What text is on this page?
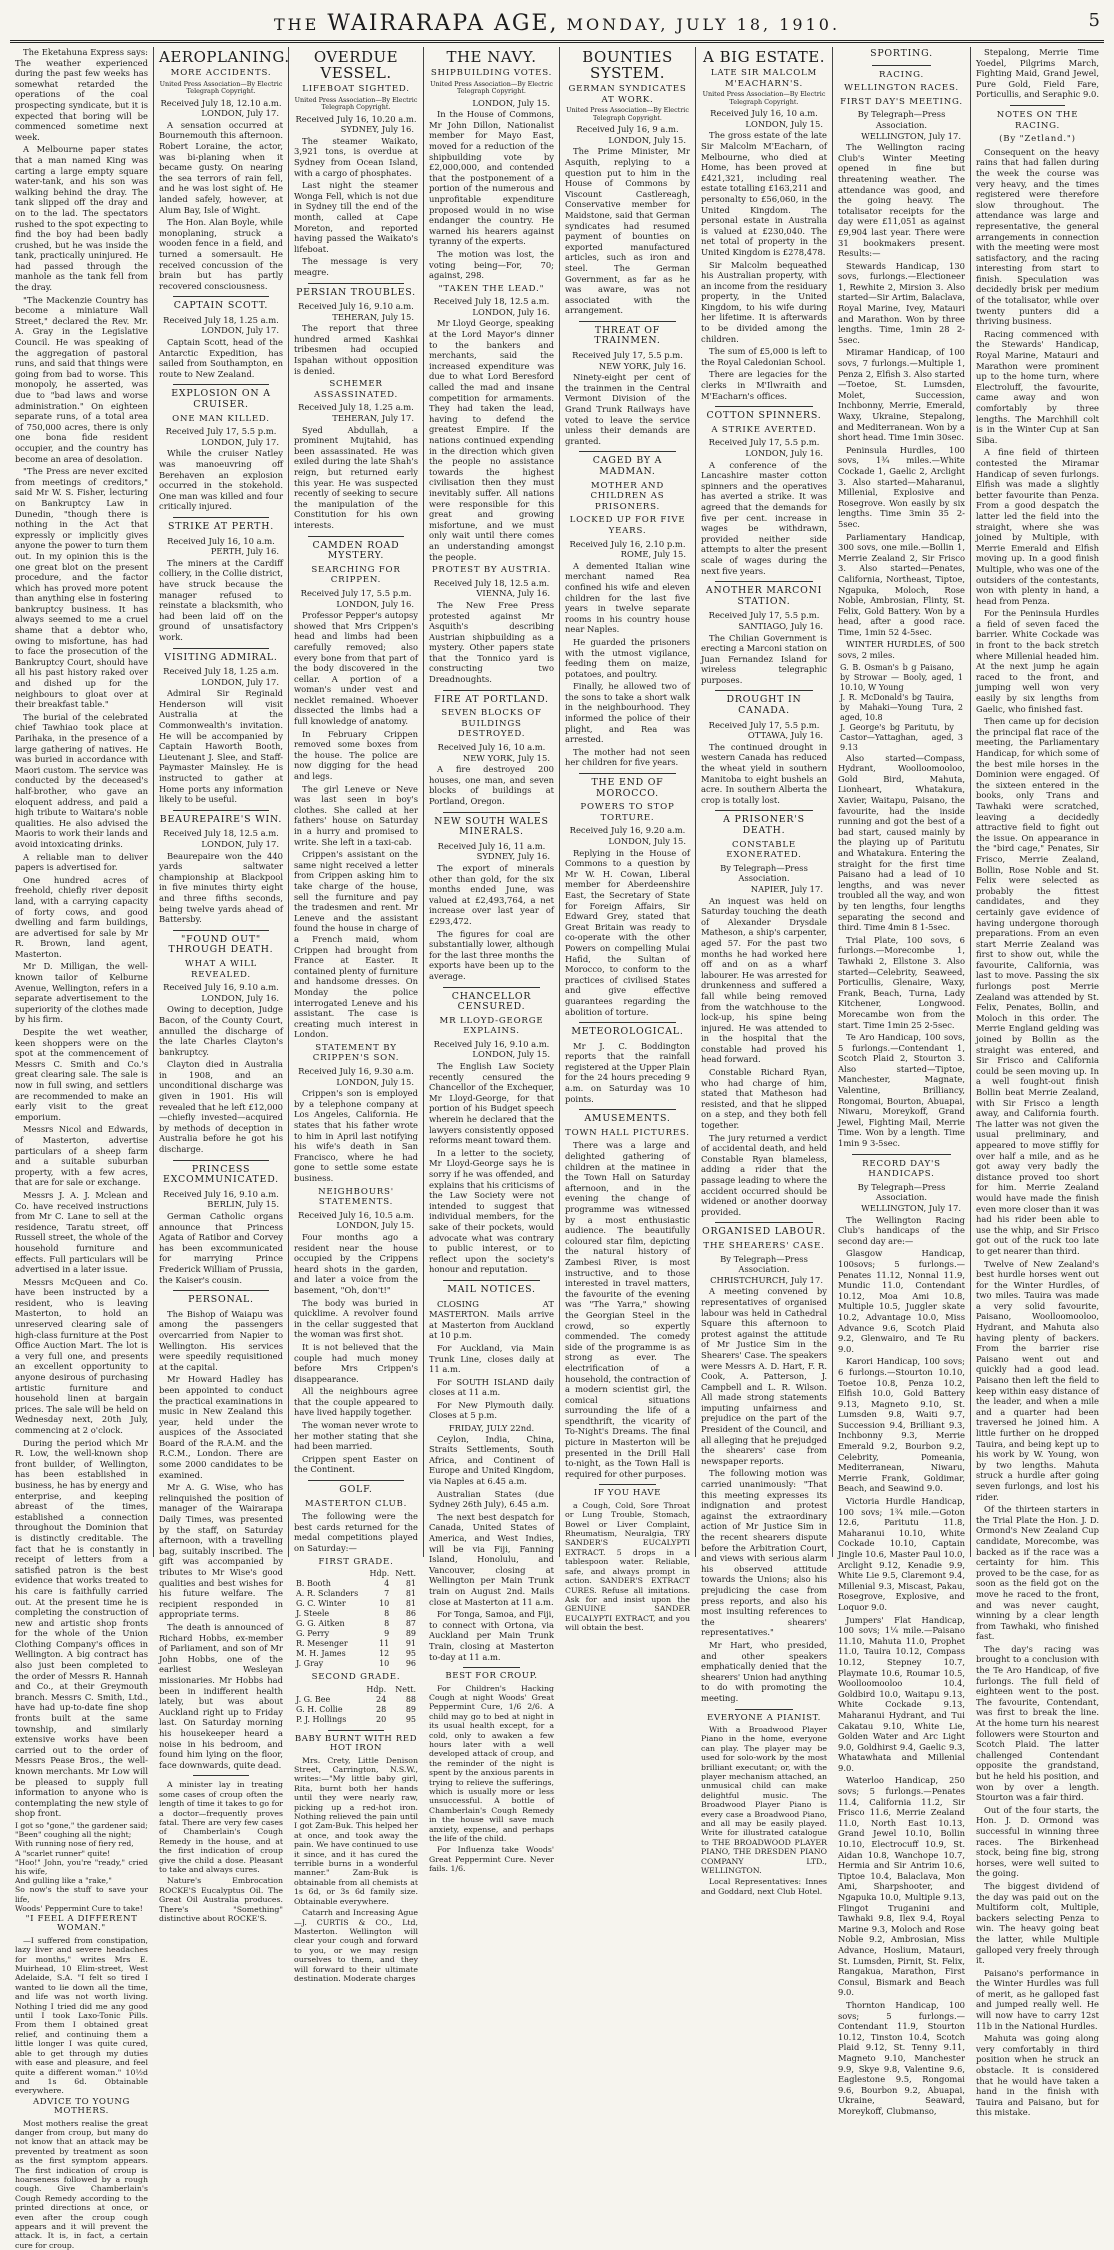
THE WAIRARAPA AGE, MONDAY, JULY 18, 1910.	5

The Eketahuna Express says: The weather experienced during the past few weeks has somewhat retarded the operations of the coal prospecting syndicate, but it is expected that boring will be commenced sometime next week.

A Melbourne paper states that a man named King was carting a large empty square water-tank, and his son was walking behind the dray. The tank slipped off the dray and on to the lad. The spectators rushed to the spot expecting to find the boy had been badly crushed, but he was inside the tank, practically uninjured. He had passed through the manhole as the tank fell from the dray.

"The Mackenzie Country has become a miniature Wall Street," declared the Rev. Mr. A. Gray in the Legislative Council. He was speaking of the aggregation of pastoral runs, and said that things were going from bad to worse. This monopoly, he asserted, was due to "bad laws and worse administration." On eighteen separate runs, of a total area of 750,000 acres, there is only one bona fide resident occupier, and the country has become an area of desolation.

"The Press are never excited from meetings of creditors," said Mr W. S. Fisher, lecturing on Bankruptcy Law in Dunedin, "though there is nothing in the Act that expressly or implicitly gives anyone the power to turn them out. In my opinion this is the one great blot on the present procedure, and the factor which has proved more potent than anything else in fostering bankruptcy business. It has always seemed to me a cruel shame that a debtor who, owing to misfortune, has had to face the prosecution of the Bankruptcy Court, should have all his past history raked over and dished up for the neighbours to gloat over at their breakfast table."

The burial of the celebrated chief Tawhiao took place at Parihaka, in the presence of a large gathering of natives. He was buried in accordance with Maori custom. The service was conducted by the deceased's half-brother, who gave an eloquent address, and paid a high tribute to Waitara's noble qualities. He also advised the Maoris to work their lands and avoid intoxicating drinks.

A reliable man to deliver papers is advertised for.

One hundred acres of freehold, chiefly river deposit land, with a carrying capacity of forty cows, and good dwelling and farm buildings, are advertised for sale by Mr R. Brown, land agent, Masterton.

Mr D. Milligan, the well-known tailor of Kelburne Avenue, Wellington, refers in a separate advertisement to the superiority of the clothes made by his firm.

Despite the wet weather, keen shoppers were on the spot at the commencement of Messrs C. Smith and Co.'s great clearing sale. The sale is now in full swing, and settlers are recommended to make an early visit to the great emporium.

Messrs Nicol and Edwards, of Masterton, advertise particulars of a sheep farm and a suitable suburban property, with a few acres, that are for sale or exchange.

Messrs J. A. J. Mclean and Co. have received instructions from Mr C. Lane to sell at the residence, Taratu street, off Russell street, the whole of the household furniture and effects. Full particulars will be advertised in a later issue.

Messrs McQueen and Co. have been instructed by a resident, who is leaving Masterton, to hold an unreserved clearing sale of high-class furniture at the Post Office Auction Mart. The lot is a very full one, and presents an excellent opportunity to anyone desirous of purchasing artistic furniture and household linen at bargain prices. The sale will be held on Wednesday next, 20th July, commencing at 2 o'clock.

During the period which Mr R. Low, the well-known shop front builder, of Wellington, has been established in business, he has by energy and enterprise, and keeping abreast of the times, established a connection throughout the Dominion that is distinctly creditable. The fact that he is constantly in receipt of letters from a satisfied patron is the best evidence that works treated to his care is faithfully carried out. At the present time he is completing the construction of new and artistic shop fronts for the whole of the Union Clothing Company's offices in Wellington. A big contract has also just been completed to the order of Messrs R. Hannah and Co., at their Greymouth branch. Messrs C. Smith, Ltd., have had up-to-date fine shop fronts built at the same township, and similarly extensive works have been carried out to the order of Messrs Pease Bros., the well-known merchants. Mr Low will be pleased to supply full information to anyone who is contemplating the new style of shop front.

I got so "gone," the gardener said;
"Been" coughing all the night;
With running nose of fiery red,
A "scarlet runner" quite!
"Hoo!" John, you're "ready," cried his wife,
And gulling like a "rake,"
So now's the stuff to save your life,
Woods' Peppermint Cure to take!

"I FEEL A DIFFERENT WOMAN."

—I suffered from constipation, lazy liver and severe headaches for months," writes Mrs E. Muirhead, 10 Elim-street, West Adelaide, S.A. "I felt so tired I wanted to lie down all the time, and life was not worth living. Nothing I tried did me any good until I took Laxo-Tonic Pills. From them I obtained great relief, and continuing them a little longer I was quite cured, able to get through my duties with ease and pleasure, and feel quite a different woman." 10½d and 1s 6d. Obtainable everywhere.

ADVICE TO YOUNG MOTHERS.

Most mothers realise the great danger from croup, but many do not know that an attack may be prevented by treatment as soon as the first symptom appears. The first indication of croup is hoarseness followed by a rough cough. Give Chamberlain's Cough Remedy according to the printed directions at once, or even after the croup cough appears and it will prevent the attack. It is, in fact, a certain cure for croup.

AEROPLANING.
MORE ACCIDENTS.
United Press Association—By Electric Telegraph Copyright.
Received July 18, 12.10 a.m.
LONDON, July 17.

A sensation occurred at Bournemouth this afternoon. Robert Loraine, the actor, was bi-planing when it became gusty. On nearing the sea terrors of rain fell, and he was lost sight of. He landed safely, however, at Alum Bay, Isle of Wight.

The Hon. Alan Boyle, while monoplaning, struck a wooden fence in a field, and turned a somersault. He received concussion of the brain but has partly recovered consciousness.

CAPTAIN SCOTT.
Received July 18, 1.25 a.m.
LONDON, July 17.

Captain Scott, head of the Antarctic Expedition, has sailed from Southampton, en route to New Zealand.

EXPLOSION ON A CRUISER.
ONE MAN KILLED.
Received July 17, 5.5 p.m.
LONDON, July 17.

While the cruiser Natley was manoeuvring off Berehaven an explosion occurred in the stokehold. One man was killed and four critically injured.

STRIKE AT PERTH.
Received July 16, 10 a.m.
PERTH, July 16.

The miners at the Cardiff colliery, in the Collie district, have struck because the manager refused to reinstate a blacksmith, who had been laid off on the ground of unsatisfactory work.

VISITING ADMIRAL.
Received July 18, 1.25 a.m.
LONDON, July 17.

Admiral Sir Reginald Henderson will visit Australia at the Commonwealth's invitation. He will be accompanied by Captain Haworth Booth, Lieutenant J. Slee, and Staff-Paymaster Mainsley. He is instructed to gather at Home ports any information likely to be useful.

BEAUREPAIRE'S WIN.
Received July 18, 12.5 a.m.
LONDON, July 17.

Beaurepaire won the 440 yards saltwater championship at Blackpool in five minutes thirty eight and three fifths seconds, being twelve yards ahead of Battersby.

"FOUND OUT" THROUGH DEATH.
WHAT A WILL REVEALED.
Received July 16, 9.10 a.m.
LONDON, July 16.

Owing to deception, Judge Bacon, of the County Court, annulled the discharge of the late Charles Clayton's bankruptcy.

Clayton died in Australia in 1908, and an unconditional discharge was given in 1901. His will revealed that he left £12,000—chiefly invested—acquired by methods of deception in Australia before he got his discharge.

PRINCESS EXCOMMUNICATED.
Received July 16, 9.10 a.m.
BERLIN, July 15.

German Catholic organs announce that Princess Agata of Ratibor and Corvey has been excommunicated for marrying Prince Frederick William of Prussia, the Kaiser's cousin.

PERSONAL.

The Bishop of Waiapu was among the passengers overcarried from Napier to Wellington. His services were speedily requisitioned at the capital.

Mr Howard Hadley has been appointed to conduct the practical examinations in music in New Zealand this year, held under the auspices of the Associated Board of the R.A.M. and the R.C.M., London. There are some 2000 candidates to be examined.

Mr A. G. Wise, who has relinquished the position of manager of the Wairarapa Daily Times, was presented by the staff, on Saturday afternoon, with a travelling bag, suitably inscribed. The gift was accompanied by tributes to Mr Wise's good qualities and best wishes for his future welfare. The recipient responded in appropriate terms.

The death is announced of Richard Hobbs, ex-member of Parliament, and son of Mr John Hobbs, one of the earliest Wesleyan missionaries. Mr Hobbs had been in indifferent health lately, but was about Auckland right up to Friday last. On Saturday morning his housekeeper heard a noise in his bedroom, and found him lying on the floor, face downwards, quite dead.

A minister lay in treating some cases of croup often the length of time it takes to go for a doctor—frequently proves fatal. There are very few cases of Chamberlain's Cough Remedy in the house, and at the first indication of croup give the child a dose. Pleasant to take and always cures.

Nature's Embrocation ROCKE'S Eucalyptus Oil. The Great Oil Australia produces. There's "Something" distinctive about ROCKE'S.

OVERDUE VESSEL.
LIFEBOAT SIGHTED.
United Press Association—By Electric Telegraph Copyright.
Received July 16, 10.20 a.m.
SYDNEY, July 16.

The steamer Waikato, 3,921 tons, is overdue at Sydney from Ocean Island, with a cargo of phosphates.

Last night the steamer Wonga Fell, which is not due in Sydney till the end of the month, called at Cape Moreton, and reported having passed the Waikato's lifeboat.

The message is very meagre.

PERSIAN TROUBLES.
Received July 16, 9.10 a.m.
TEHERAN, July 15.

The report that three hundred armed Kashkai tribesmen had occupied Ispahan without opposition is denied.

SCHEMER ASSASSINATED.
Received July 18, 1.25 a.m.
TEHERAN, July 17.

Syed Abdullah, a prominent Mujtahid, has been assassinated. He was exiled during the late Shah's reign, but returned early this year. He was suspected recently of seeking to secure the manipulation of the Constitution for his own interests.

CAMDEN ROAD MYSTERY.
SEARCHING FOR CRIPPEN.
Received July 17, 5.5 p.m.
LONDON, July 16.

Professor Pepper's autopsy showed that Mrs Crippen's head and limbs had been carefully removed; also every bone from that part of the body discovered in the cellar. A portion of a woman's under vest and necklet remained. Whoever dissected the limbs had a full knowledge of anatomy.

In February Crippen removed some boxes from the house. The police are now digging for the head and legs.

The girl Leneve or Neve was last seen in boy's clothes. She called at her fathers' house on Saturday in a hurry and promised to write. She left in a taxi-cab.

Crippen's assistant on the same night received a letter from Crippen asking him to take charge of the house, sell the furniture and pay the tradesmen and rent. Mr Leneve and the assistant found the house in charge of a French maid, whom Crippen had brought from France at Easter. It contained plenty of furniture and handsome dresses. On Monday the police interrogated Leneve and his assistant. The case is creating much interest in London.

STATEMENT BY CRIPPEN'S SON.
Received July 16, 9.30 a.m.
LONDON, July 15.

Crippen's son is employed by a telephone company at Los Angeles, California. He states that his father wrote to him in April last notifying his wife's death in San Francisco, where he had gone to settle some estate business.

NEIGHBOURS' STATEMENTS.
Received July 16, 10.5 a.m.
LONDON, July 15.

Four months ago a resident near the house occupied by the Crippens heard shots in the garden, and later a voice from the basement, "Oh, don't!"

The body was buried in quicklime. A revolver found in the cellar suggested that the woman was first shot.

It is not believed that the couple had much money before Mrs Crippen's disappearance.

All the neighbours agree that the couple appeared to have lived happily together.

The woman never wrote to her mother stating that she had been married.

Crippen spent Easter on the Continent.

GOLF.
MASTERTON CLUB.

The following were the best cards returned for the medal competitions played on Saturday:—

FIRST GRADE.
	Hdp.	Nett.
B. Booth	4	81
A. R. Sclanders	7	81
G. C. Winter	10	81
J. Steele	8	86
G. G. Aitken	8	87
G. Perry	9	89
R. Mesenger	11	91
M. H. James	12	95
J. Gray	10	96
SECOND GRADE.
	Hdp.	Nett.
J. G. Bee	24	88
G. H. Collie	28	89
P. J. Hollings	20	95
BABY BURNT WITH RED HOT IRON

Mrs. Crety, Little Denison Street, Carrington, N.S.W., writes:—"My little baby girl, Rita, burnt both her hands until they were nearly raw, picking up a red-hot iron. Nothing relieved the pain until I got Zam-Buk. This helped her at once, and took away the pain. We have continued to use it since, and it has cured the terrible burns in a wonderful manner." Zam-Buk is obtainable from all chemists at 1s 6d, or 3s 6d family size. Obtainable everywhere.

Catarrh and Increasing Ague—J. CURTIS & CO., Ltd, Masterton. Wellington will clear your cough and forward to you, or we may resign ourselves to them, and they will forward to their ultimate destination. Moderate charges

THE NAVY.
SHIPBUILDING VOTES.
United Press Association—By Electric Telegraph Copyright.
LONDON, July 15.

In the House of Commons, Mr John Dillon, Nationalist member for Mayo East, moved for a reduction of the shipbuilding vote by £2,000,000, and contended that the postponement of a portion of the numerous and unprofitable expenditure proposed would in no wise endanger the country. He warned his hearers against tyranny of the experts.

The motion was lost, the voting being—For, 70; against, 298.

"TAKEN THE LEAD."
Received July 18, 12.5 a.m.
LONDON, July 16.

Mr Lloyd George, speaking at the Lord Mayor's dinner to the bankers and merchants, said the increased expenditure was due to what Lord Beresford called the mad and insane competition for armaments. They had taken the lead, having to defend the greatest Empire. If the nations continued expending in the direction which given the people no assistance towards the highest civilisation then they must inevitably suffer. All nations were responsible for this great and growing misfortune, and we must only wait until there comes an understanding amongst the people.

PROTEST BY AUSTRIA.
Received July 18, 12.5 a.m.
VIENNA, July 16.

The New Free Press protested against Mr Asquith's describing Austrian shipbuilding as a mystery. Other papers state that the Tonnico yard is constructing two Dreadnoughts.

FIRE AT PORTLAND.
SEVEN BLOCKS OF BUILDINGS DESTROYED.
Received July 16, 10 a.m.
NEW YORK, July 15.

A fire destroyed 200 houses, one man, and seven blocks of buildings at Portland, Oregon.

NEW SOUTH WALES MINERALS.
Received July 16, 11 a.m.
SYDNEY, July 16.

The export of minerals other than gold, for the six months ended June, was valued at £2,493,764, a net increase over last year of £293,472.

The figures for coal are substantially lower, although for the last three months the exports have been up to the average.

CHANCELLOR CENSURED.
MR LLOYD-GEORGE EXPLAINS.
Received July 16, 9.10 a.m.
LONDON, July 15.

The English Law Society recently censured the Chancellor of the Exchequer, Mr Lloyd-George, for that portion of his Budget speech wherein he declared that the lawyers consistently opposed reforms meant toward them.

In a letter to the society, Mr Lloyd-George says he is sorry if he was offended, and explains that his criticisms of the Law Society were not intended to suggest that individual members, for the sake of their pockets, would advocate what was contrary to public interest, or to reflect upon the society's honour and reputation.

MAIL NOTICES.

CLOSING AT MASTERTON. Mails arrive at Masterton from Auckland at 10 p.m.

For Auckland, via Main Trunk Line, closes daily at 11 a.m.

For SOUTH ISLAND daily closes at 11 a.m.

For New Plymouth daily. Closes at 5 p.m.

FRIDAY, JULY 22nd.

Ceylon, India, China, Straits Settlements, South Africa, and Continent of Europe and United Kingdom, via Naples at 6.45 a.m.

Australian States (due Sydney 26th July), 6.45 a.m.

The next best despatch for Canada, United States of America, and West Indies, will be via Fiji, Fanning Island, Honolulu, and Vancouver, closing at Wellington per Main Trunk train on August 2nd. Mails close at Masterton at 11 a.m.

For Tonga, Samoa, and Fiji, to connect with Ortona, via Auckland per Main Trunk Train, closing at Masterton to-day at 11 a.m.

BEST FOR CROUP.

For Children's Hacking Cough at night Woods' Great Peppermint Cure, 1/6 2/6. A child may go to bed at night in its usual health except, for a cold, only to awaken a few hours later with a well developed attack of croup, and the reminder of the night is spent by the anxious parents in trying to relieve the sufferings, which is usually more or less unsuccessful. A bottle of Chamberlain's Cough Remedy in the house will save much anxiety, expense, and perhaps the life of the child.

For Influenza take Woods' Great Peppermint Cure. Never fails. 1/6.

BOUNTIES SYSTEM.
GERMAN SYNDICATES AT WORK.
United Press Association—By Electric Telegraph Copyright.
Received July 16, 9 a.m.
LONDON, July 15.

The Prime Minister, Mr Asquith, replying to a question put to him in the House of Commons by Viscount Castlereagh, Conservative member for Maidstone, said that German syndicates had resumed payment of bounties on exported manufactured articles, such as iron and steel. The German Government, as far as he was aware, was not associated with the arrangement.

THREAT OF TRAINMEN.
Received July 17, 5.5 p.m.
NEW YORK, July 16.

Ninety-eight per cent of the trainmen in the Central Vermont Division of the Grand Trunk Railways have voted to leave the service unless their demands are granted.

CAGED BY A MADMAN.
MOTHER AND CHILDREN AS PRISONERS.
LOCKED UP FOR FIVE YEARS.
Received July 16, 2.10 p.m.
ROME, July 15.

A demented Italian wine merchant named Rea confined his wife and eleven children for the last five years in twelve separate rooms in his country house near Naples.

He guarded the prisoners with the utmost vigilance, feeding them on maize, potatoes, and poultry.

Finally, he allowed two of the sons to take a short walk in the neighbourhood. They informed the police of their plight, and Rea was arrested.

The mother had not seen her children for five years.

THE END OF MOROCCO.
POWERS TO STOP TORTURE.
Received July 16, 9.20 a.m.
LONDON, July 15.

Replying in the House of Commons to a question by Mr W. H. Cowan, Liberal member for Aberdeenshire East, the Secretary of State for Foreign Affairs, Sir Edward Grey, stated that Great Britain was ready to co-operate with the other Powers on compelling Mulai Hafid, the Sultan of Morocco, to conform to the practices of civilised States and give effective guarantees regarding the abolition of torture.

METEOROLOGICAL.

Mr J. C. Boddington reports that the rainfall registered at the Upper Plain for the 24 hours preceding 9 a.m. on Saturday was 10 points.

AMUSEMENTS.
TOWN HALL PICTURES.

There was a large and delighted gathering of children at the matinee in the Town Hall on Saturday afternoon, and in the evening the change of programme was witnessed by a most enthusiastic audience. The beautifully coloured star film, depicting the natural history of Zambesi River, is most instructive, and to those interested in travel matters, the favourite of the evening was "The Yarra," showing the Georgian Steel in the crowd, so expertly commended. The comedy side of the programme is as strong as ever. The electrification of a household, the contraction of a modern scientist girl, the comical situations surrounding the life of a spendthrift, the vicarity of To-Night's Dreams. The final picture in Masterton will be presented in the Drill Hall to-night, as the Town Hall is required for other purposes.

IF YOU HAVE

a Cough, Cold, Sore Throat or Lung Trouble, Stomach, Bowel or Liver Complaint, Rheumatism, Neuralgia, TRY SANDER'S EUCALYPTI EXTRACT. 5 drops in a tablespoon water. Reliable, safe, and always prompt in action. SANDER'S EXTRACT CURES. Refuse all imitations. Ask for and insist upon the GENUINE SANDER EUCALYPTI EXTRACT, and you will obtain the best.

A BIG ESTATE.
LATE SIR MALCOLM M'EACHARN'S.
United Press Association—By Electric Telegraph Copyright.
Received July 16, 10 a.m.
LONDON, July 15.

The gross estate of the late Sir Malcolm M'Eacharn, of Melbourne, who died at Home, has been proved at £421,321, including real estate totalling £163,211 and personalty to £56,060, in the United Kingdom. The personal estate in Australia is valued at £230,040. The net total of property in the United Kingdom is £278,478.

Sir Malcolm bequeathed his Australian property, with an income from the residuary property, in the United Kingdom, to his wife during her lifetime. It is afterwards to be divided among the children.

The sum of £5,000 is left to the Royal Caledonian School.

There are legacies for the clerks in M'Ilwraith and M'Eacharn's offices.

COTTON SPINNERS.
A STRIKE AVERTED.
Received July 17, 5.5 p.m.
LONDON, July 16.

A conference of the Lancashire master cotton spinners and the operatives has averted a strike. It was agreed that the demands for five per cent. increase in wages be withdrawn, provided neither side attempts to alter the present scale of wages during the next five years.

ANOTHER MARCONI STATION.
Received July 17, 5.5 p.m.
SANTIAGO, July 16.

The Chilian Government is erecting a Marconi station on Juan Fernandez Island for wireless telegraphic purposes.

DROUGHT IN CANADA.
Received July 17, 5.5 p.m.
OTTAWA, July 16.

The continued drought in western Canada has reduced the wheat yield in southern Manitoba to eight bushels an acre. In southern Alberta the crop is totally lost.

A PRISONER'S DEATH.
CONSTABLE EXONERATED.
By Telegraph—Press Association.
NAPIER, July 17.

An inquest was held on Saturday touching the death of Alexander Drysdale Matheson, a ship's carpenter, aged 57. For the past two months he had worked here off and on as a wharf labourer. He was arrested for drunkenness and suffered a fall while being removed from the watchhouse to the lock-up, his spine being injured. He was attended to in the hospital that the constable had proved his head forward.

Constable Richard Ryan, who had charge of him, stated that Matheson had resisted, and that he slipped on a step, and they both fell together.

The jury returned a verdict of accidental death, and held Constable Ryan blameless, adding a rider that the passage leading to where the accident occurred should be widened or another doorway provided.

ORGANISED LABOUR.
THE SHEARERS' CASE.
By Telegraph—Press Association.
CHRISTCHURCH, July 17.

A meeting convened by representatives of organised labour was held in Cathedral Square this afternoon to protest against the attitude of Mr Justice Sim in the Shearers' Case. The speakers were Messrs A. D. Hart, F. R. Cook, A. Patterson, J. Campbell and L. R. Wilson. All made strong statements imputing unfairness and prejudice on the part of the President of the Council, and all alleging that he prejudged the shearers' case from newspaper reports.

The following motion was carried unanimously: "That this meeting expresses its indignation and protest against the extraordinary action of Mr Justice Sim in the recent shearers dispute before the Arbitration Court, and views with serious alarm his observed attitude towards the Unions; also his prejudicing the case from press reports, and also his most insulting references to the shearers' representatives."

Mr Hart, who presided, and other speakers emphatically denied that the shearers' Union had anything to do with promoting the meeting.

EVERYONE A PIANIST.

With a Broadwood Player Piano in the home, everyone can play. The player may be used for solo-work by the most brilliant executant; or, with the player mechanism attached, an unmusical child can make delightful music. The Broadwood Player Piano is every case a Broadwood Piano, and all may be easily played. Write for illustrated catalogue to THE BROADWOOD PLAYER PIANO, THE DRESDEN PIANO COMPANY LTD., WELLINGTON.

Local Representatives: Innes and Goddard, next Club Hotel.

SPORTING.
RACING.
WELLINGTON RACES.
FIRST DAY'S MEETING.
By Telegraph—Press Association.
WELLINGTON, July 17.

The Wellington racing Club's Winter Meeting opened in fine but threatening weather. The attendance was good, and the going heavy. The totalisator receipts for the day were £11,051 as against £9,904 last year. There were 31 bookmakers present. Results:—

Stewards Handicap, 130 sovs, furlongs.—Electioneer 1, Rewhite 2, Mirsion 3. Also started—Sir Artim, Balaclava, Royal Marine, Ivey, Matauri and Marathon. Won by three lengths. Time, 1min 28 2-5sec.

Miramar Handicap, of 100 sovs, 7 furlongs.—Multiple 1, Penza 2, Elfish 3. Also started—Toetoe, St. Lumsden, Molet, Succession, Inchbonny, Merrie, Emerald, Waxy, Ukraine, Stepalong, and Mediterranean. Won by a short head. Time 1min 30sec.

Peninsula Hurdles, 100 sovs, 1¾ miles.—White Cockade 1, Gaelic 2, Arclight 3. Also started—Maharanui, Millenial, Explosive and Rosegrove. Won easily by six lengths. Time 3min 35 2-5sec.

Parliamentary Handicap, 300 sovs, one mile.—Bollin 1, Merrie Zealand 2, Sir Frisco 3. Also started—Penates, California, Northeast, Tiptoe, Ngapuka, Moloch, Rose Noble, Ambrosian, Flinty, St. Felix, Gold Battery. Won by a head, after a good race. Time, 1min 52 4-5sec.

WINTER HURDLES, of 500 sovs, 2 miles.

G. B. Osman's b g Paisano, by Strowar — Booly, aged, 10.10, W Young	1
J. R. McDonald's bg Tauira, by Mahaki—Young Tura, aged, 10.8	2
J. George's bg Paritutu, by Castor—Yattaghan, aged, 9.13	3

Also started—Compass, Hydrant, Woolloomooloo, Gold Bird, Mahuta, Lionheart, Whatakura, Xavier, Waitapu, Paisano, the favourite, had the inside running and got the best of a bad start, caused mainly by the playing up of Paritutu and Whatakura. Entering the straight for the first time Paisano had a lead of 10 lengths, and was never troubled all the way, and won by ten lengths, four lengths separating the second and third. Time 4min 8 1-5sec.

Trial Plate, 100 sovs, 6 furlongs.—Morecombe 1, Tawhaki 2, Ellstone 3. Also started—Celebrity, Seaweed, Porticullis, Glenaire, Waxy, Frank, Beach, Turna, Lady Kitchener, Longwood. Morecambe won from the start. Time 1min 25 2-5sec.

Te Aro Handicap, 100 sovs, 5 furlongs.—Contendant 1, Scotch Plaid 2, Stourton 3. Also started—Tiptoe, Manchester, Magnate, Valentine, Brilliancy, Rongomai, Bourton, Abuapai, Niwaru, Moreykoff, Grand Jewel, Fighting Mail, Merrie Time. Won by a length. Time 1min 9 3-5sec.

RECORD DAY'S HANDICAPS.
By Telegraph—Press Association.
WELLINGTON, July 17.

The Wellington Racing Club's handicaps of the second day are:—

Glasgow Handicap, 100sovs; 5 furlongs.—Penates 11.12, Nonnal 11.9, Mundic 11.0, Contendant 10.12, Moa Ami 10.8, Multiple 10.5, Juggler skate 10.2, Advantage 10.0, Miss Advance 9.6, Scotch Plaid 9.2, Glenwairo, and Te Ru 9.0.

Karori Handicap, 100 sovs; 6 furlongs.—Stourton 10.10, Toetoe 10.8, Penza 10.2, Elfish 10.0, Gold Battery 9.13, Magneto 9.10, St. Lumsden 9.8, Waiti 9.7, Succession 9.4, Brilliant 9.3, Inchbonny 9.3, Merrie Emerald 9.2, Bourbon 9.2, Celebrity, Pomeania, Mediterranean, Niwaru, Merrie Frank, Goldimar, Beach, and Seawind 9.0.

Victoria Hurdle Handicap, 100 sovs; 1¾ mile.—Goton 12.6, Paritutu 11.8, Maharanui 10.10, White Cockade 10.10, Captain Jingle 10.6, Master Paul 10.0, Arclight 9.12, Kenadie 9.9, White Lie 9.5, Claremont 9.4, Millenial 9.3, Miscast, Pakau, Rosegrove, Explosive, and Loquor 9.0.

Jumpers' Flat Handicap, 100 sovs; 1¼ mile.—Paisano 11.10, Mahuta 11.0, Prophet 11.0, Tauira 10.12, Compass 10.12, Stepney 10.7, Playmate 10.6, Roumar 10.5, Woolloomooloo 10.4, Goldbird 10.0, Waitapu 9.13, White Cockade 9.13, Maharanui Hydrant, and Tui Cakatau 9.10, White Lie, Golden Water and Arc Light 9.0, Goldhirst 9.4, Gaelic 9.3, Whatawhata and Millenial 9.0.

Waterloo Handicap, 250 sovs; 5 furlongs.—Penates 11.4, California 11.2, Sir Frisco 11.6, Merrie Zealand 11.0, North East 10.13, Grand Jewel 10.10, Bollin 10.10, Electrocuff 10.9, St. Aidan 10.8, Wanchope 10.7, Hermia and Sir Antrim 10.6, Tiptoe 10.4, Balaclava, Mon Ami, Sharpshooter, and Ngapuka 10.0, Multiple 9.13, Flingot Truganini and Tawhaki 9.8, Ilex 9.4, Royal Marine 9.3, Moloch and Rose Noble 9.2, Ambrosian, Miss Advance, Hoslium, Matauri, St. Lumsden, Pirnit, St. Felix, Rangakua, Marathon, First Consul, Bismark and Beach 9.0.

Thornton Handicap, 100 sovs; 5 furlongs.—Contendant 11.9, Stourton 10.12, Tinston 10.4, Scotch Plaid 9.12, St. Tenny 9.11, Magneto 9.10, Manchester 9.9, Skye 9.8, Valentine 9.6, Eaglestone 9.5, Rongomai 9.6, Bourbon 9.2, Abuapai, Ukraine, Seaward, Moreykoff, Clubmanso,

Stepalong, Merrie Time Yoedel, Pilgrims March, Fighting Maid, Grand Jewel, Pure Gold, Field Fare, Porticullis, and Seraphic 9.0.

NOTES ON THE RACING.
(By "Zetland.")

Consequent on the heavy rains that had fallen during the week the course was very heavy, and the times registered were therefore slow throughout. The attendance was large and representative, the general arrangements in connection with the meeting were most satisfactory, and the racing interesting from start to finish. Speculation was decidedly brisk per medium of the totalisator, while over twenty punters did a thriving business.

Racing commenced with the Stewards' Handicap, Royal Marine, Matauri and Marathon were prominent up to the home turn, where Electroluff, the favourite, came away and won comfortably by three lengths. The Marchhill colt is in the Winter Cup at San Siba.

A fine field of thirteen contested the Miramar Handicap of seven furlongs. Elfish was made a slightly better favourite than Penza. From a good despatch the latter led the field into the straight, where she was joined by Multiple, with Merrie Emerald and Elfish moving up. In a good finish Multiple, who was one of the outsiders of the contestants, won with plenty in hand, a head from Penza.

For the Peninsula Hurdles a field of seven faced the barrier. White Cockade was in front to the back stretch where Millenial headed him. At the next jump he again raced to the front, and jumping well won very easily by six lengths from Gaelic, who finished fast.

Then came up for decision the principal flat race of the meeting, the Parliamentary Handicap, for which some of the best mile horses in the Dominion were engaged. Of the sixteen entered in the books, only Trans and Tawhaki were scratched, leaving a decidedly attractive field to fight out the issue. On appearance in the "bird cage," Penates, Sir Frisco, Merrie Zealand, Bollin, Rose Noble and St. Felix were selected as probably the fittest candidates, and they certainly gave evidence of having undergone thorough preparations. From an even start Merrie Zealand was first to show out, while the favourite, California, was last to move. Passing the six furlongs post Merrie Zealand was attended by St. Felix, Penates, Bollin, and Moloch in this order. The Merrie England gelding was joined by Bollin as the straight was entered, and Sir Frisco and California could be seen moving up. In a well fought-out finish Bollin beat Merrie Zealand, with Sir Frisco a length away, and California fourth. The latter was not given the usual preliminary, and appeared to move stiffly for over half a mile, and as he got away very badly the distance proved too short for him. Merrie Zealand would have made the finish even more closer than it was had his rider been able to use the whip, and Sir Frisco got out of the ruck too late to get nearer than third.

Twelve of New Zealand's best hurdle horses went out for the Winter Hurdles, of two miles. Tauira was made a very solid favourite, Paisano, Woolloomooloo, Hydrant, and Mahuta also having plenty of backers. From the barrier rise Paisano went out and quickly had a good lead. Paisano then left the field to keep within easy distance of the leader, and when a mile and a quarter had been traversed he joined him. A little further on he dropped Tauira, and being kept up to his work by W. Young, won by two lengths. Mahuta struck a hurdle after going seven furlongs, and lost his rider.

Of the thirteen starters in the Trial Plate the Hon. J. D. Ormond's New Zealand Cup candidate, Morecombe, was backed as if the race was a certainty for him. This proved to be the case, for as soon as the field got on the move he raced to the front, and was never caught, winning by a clear length from Tawhaki, who finished fast.

The day's racing was brought to a conclusion with the Te Aro Handicap, of five furlongs. The full field of eighteen went to the post. The favourite, Contendant, was first to break the line. At the home turn his nearest followers were Stourton and Scotch Plaid. The latter challenged Contendant opposite the grandstand, but he held his position, and won by over a length. Stourton was a fair third.

Out of the four starts, the Hon. J. D. Ormond was successful in winning three races. The Birkenhead stock, being fine big, strong horses, were well suited to the going.

The biggest dividend of the day was paid out on the Multiform colt, Multiple, backers selecting Penza to win. The heavy going beat the latter, while Multiple galloped very freely through it.

Paisano's performance in the Winter Hurdles was full of merit, as he galloped fast and jumped really well. He will now have to carry 12st 11b in the National Hurdles.

Mahuta was going along very comfortably in third position when he struck an obstacle. It is considered that he would have taken a hand in the finish with Tauira and Paisano, but for this mistake.
